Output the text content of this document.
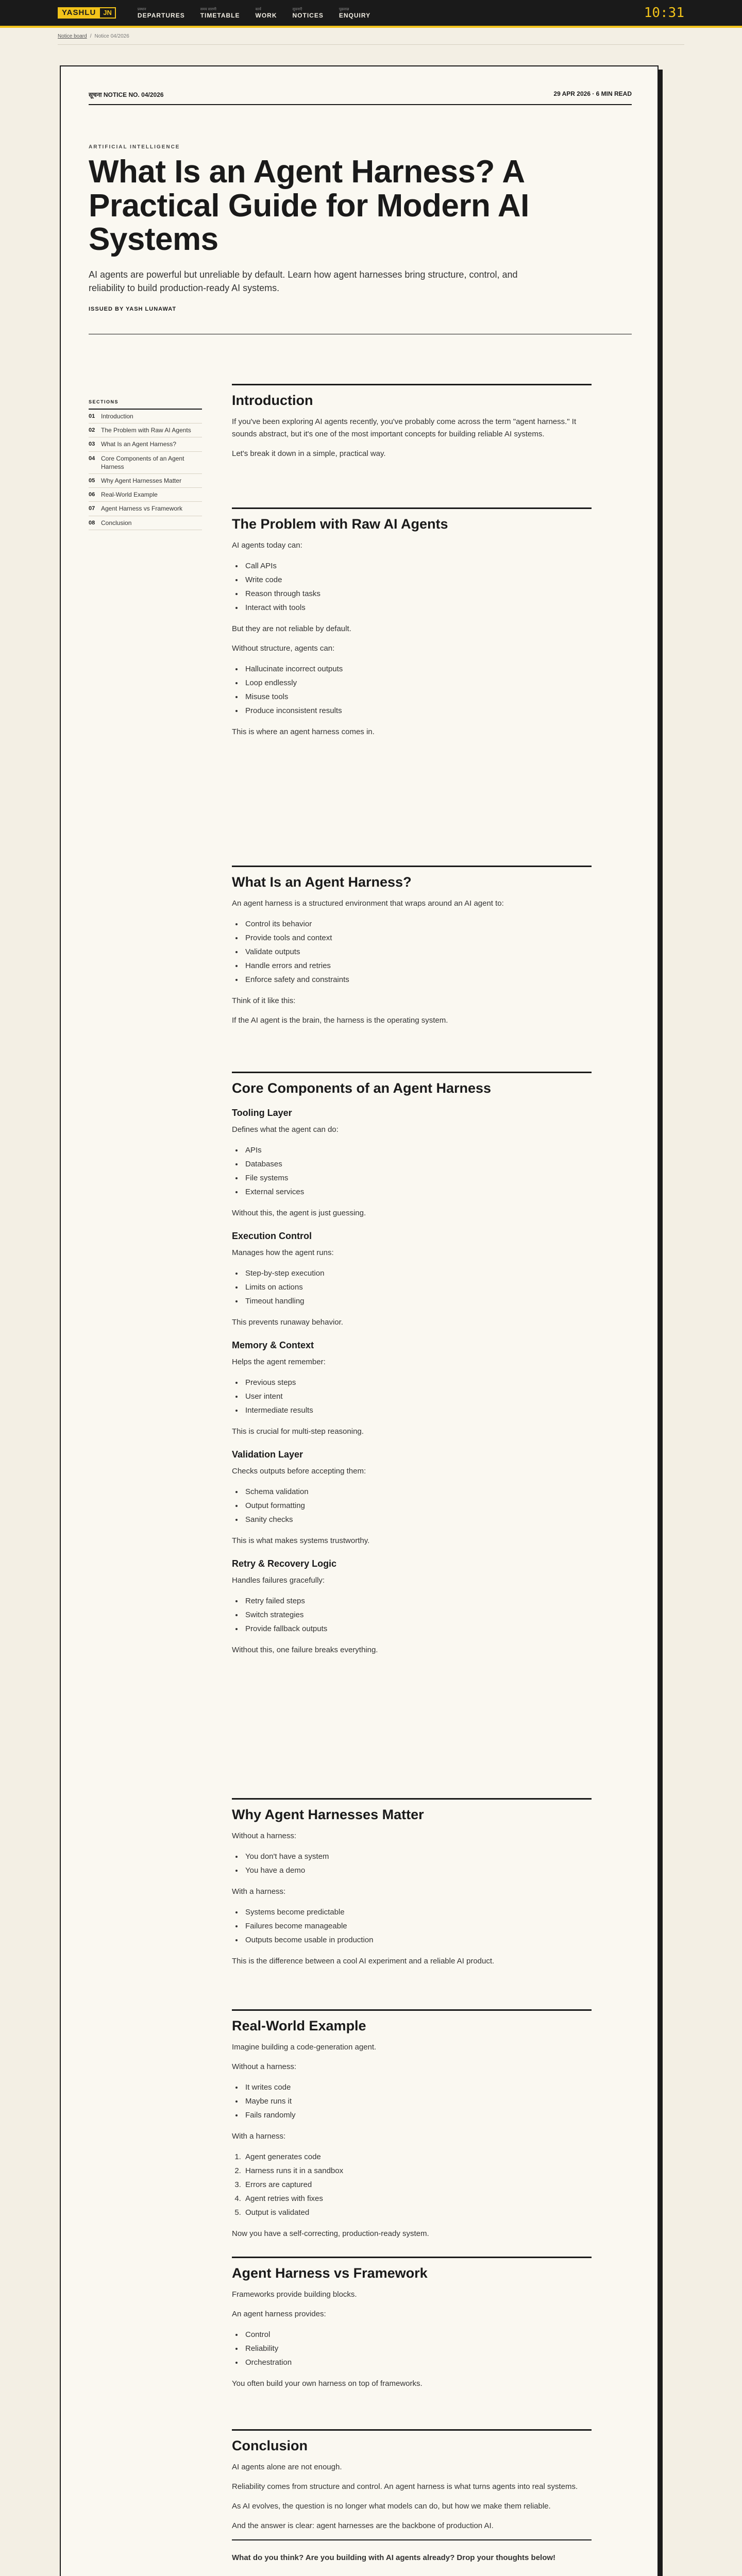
YASHLU	JN	प्रस्थान
DEPARTURES
समय सारणी
TIMETABLE
कार्य
WORK
सूचनाएँ
NOTICES
पूछताछ
ENQUIRY	10:31
Notice board / Notice 04/2026
सूचना NOTICE NO. 04/2026	29 APR 2026 · 6 MIN READ
ARTIFICIAL INTELLIGENCE
What Is an Agent Harness? A Practical Guide for Modern AI Systems

AI agents are powerful but unreliable by default. Learn how agent harnesses bring structure, control, and reliability to build production-ready AI systems.

ISSUED BY YASH LUNAWAT
SECTIONS
01 Introduction
02 The Problem with Raw AI Agents
03 What Is an Agent Harness?
04 Core Components of an Agent Harness
05 Why Agent Harnesses Matter
06 Real-World Example
07 Agent Harness vs Framework
08 Conclusion
Introduction

If you've been exploring AI agents recently, you've probably come across the term "agent harness." It sounds abstract, but it's one of the most important concepts for building reliable AI systems.

Let's break it down in a simple, practical way.

The Problem with Raw AI Agents

AI agents today can:

• Call APIs
• Write code
• Reason through tasks
• Interact with tools

But they are not reliable by default.

Without structure, agents can:

• Hallucinate incorrect outputs
• Loop endlessly
• Misuse tools
• Produce inconsistent results

This is where an agent harness comes in.

What Is an Agent Harness?

An agent harness is a structured environment that wraps around an AI agent to:

• Control its behavior
• Provide tools and context
• Validate outputs
• Handle errors and retries
• Enforce safety and constraints

Think of it like this:

If the AI agent is the brain, the harness is the operating system.

Core Components of an Agent Harness
Tooling Layer

Defines what the agent can do:

• APIs
• Databases
• File systems
• External services

Without this, the agent is just guessing.

Execution Control

Manages how the agent runs:

• Step-by-step execution
• Limits on actions
• Timeout handling

This prevents runaway behavior.

Memory & Context

Helps the agent remember:

• Previous steps
• User intent
• Intermediate results

This is crucial for multi-step reasoning.

Validation Layer

Checks outputs before accepting them:

• Schema validation
• Output formatting
• Sanity checks

This is what makes systems trustworthy.

Retry & Recovery Logic

Handles failures gracefully:

• Retry failed steps
• Switch strategies
• Provide fallback outputs

Without this, one failure breaks everything.

Why Agent Harnesses Matter

Without a harness:

• You don't have a system
• You have a demo

With a harness:

• Systems become predictable
• Failures become manageable
• Outputs become usable in production

This is the difference between a cool AI experiment and a reliable AI product.

Real-World Example

Imagine building a code-generation agent.

Without a harness:

• It writes code
• Maybe runs it
• Fails randomly

With a harness:

1. Agent generates code
2. Harness runs it in a sandbox
3. Errors are captured
4. Agent retries with fixes
5. Output is validated

Now you have a self-correcting, production-ready system.

Agent Harness vs Framework

Frameworks provide building blocks.

An agent harness provides:

• Control
• Reliability
• Orchestration

You often build your own harness on top of frameworks.

Conclusion

AI agents alone are not enough.

Reliability comes from structure and control. An agent harness is what turns agents into real systems.

As AI evolves, the question is no longer what models can do, but how we make them reliable.

And the answer is clear: agent harnesses are the backbone of production AI.

What do you think? Are you building with AI agents already? Drop your thoughts below!
